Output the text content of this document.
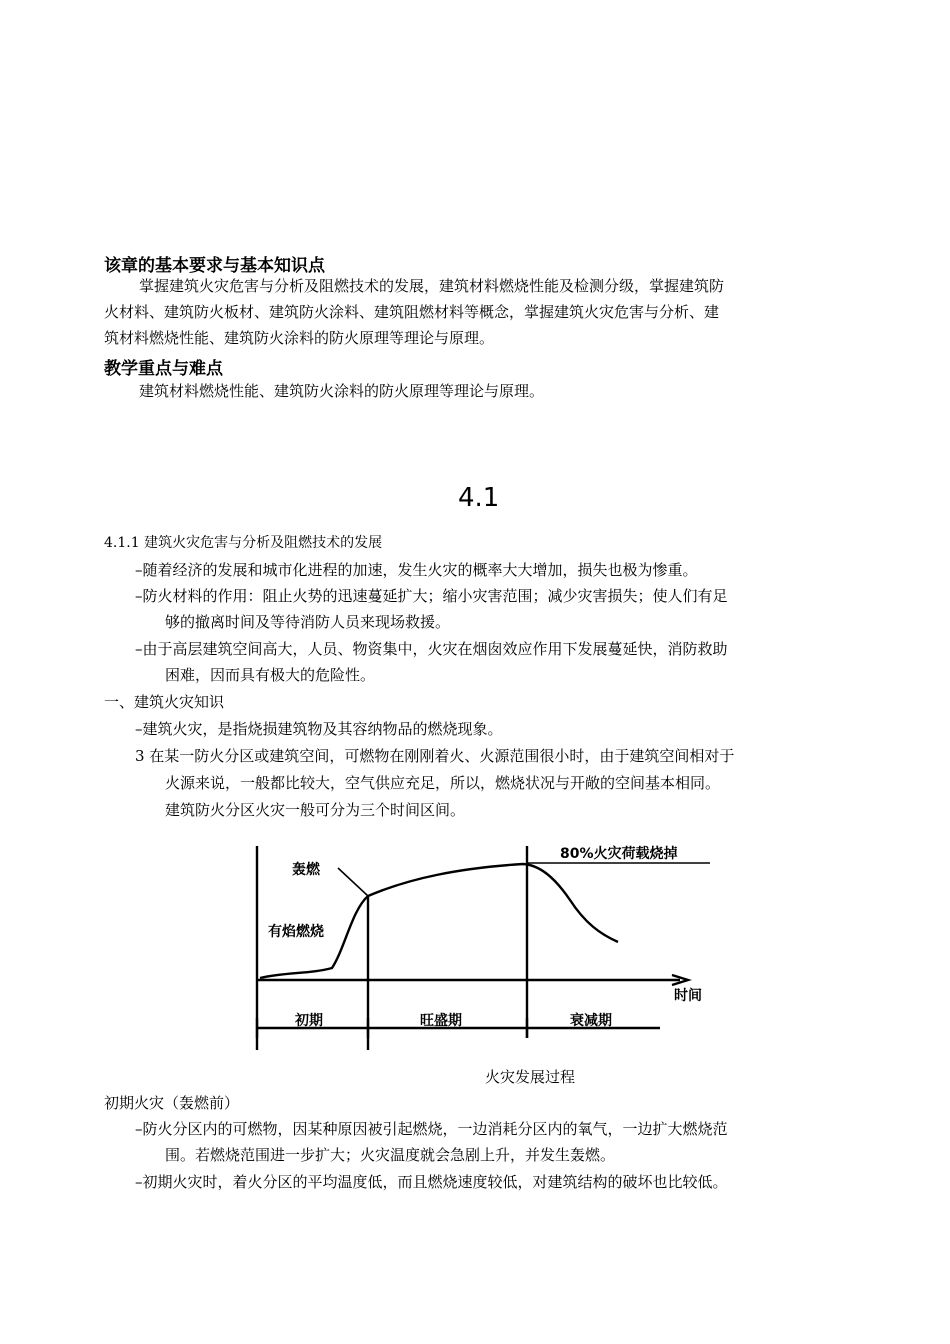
该章的基本要求与基本知识点
掌握建筑火灾危害与分析及阻燃技术的发展，建筑材料燃烧性能及检测分级，掌握建筑防
火材料、建筑防火板材、建筑防火涂料、建筑阻燃材料等概念，掌握建筑火灾危害与分析、建
筑材料燃烧性能、建筑防火涂料的防火原理等理论与原理。
教学重点与难点
建筑材料燃烧性能、建筑防火涂料的防火原理等理论与原理。
4.1
4.1.1 建筑火灾危害与分析及阻燃技术的发展
–随着经济的发展和城市化进程的加速，发生火灾的概率大大增加，损失也极为惨重。
–防火材料的作用：阻止火势的迅速蔓延扩大；缩小灾害范围；减少灾害损失；使人们有足
够的撤离时间及等待消防人员来现场救援。
–由于高层建筑空间高大，人员、物资集中，火灾在烟囱效应作用下发展蔓延快，消防救助
困难，因而具有极大的危险性。
一、建筑火灾知识
–建筑火灾，是指烧损建筑物及其容纳物品的燃烧现象。
3 在某一防火分区或建筑空间，可燃物在刚刚着火、火源范围很小时，由于建筑空间相对于
火源来说，一般都比较大，空气供应充足，所以，燃烧状况与开敞的空间基本相同。
建筑防火分区火灾一般可分为三个时间区间。
轰燃
有焰燃烧
80%火灾荷载烧掉
时间
初期	旺盛期	衰减期
火灾发展过程
初期火灾（轰燃前）
–防火分区内的可燃物，因某种原因被引起燃烧，一边消耗分区内的氧气，一边扩大燃烧范
围。若燃烧范围进一步扩大；火灾温度就会急剧上升，并发生轰燃。
–初期火灾时，着火分区的平均温度低，而且燃烧速度较低，对建筑结构的破坏也比较低。
